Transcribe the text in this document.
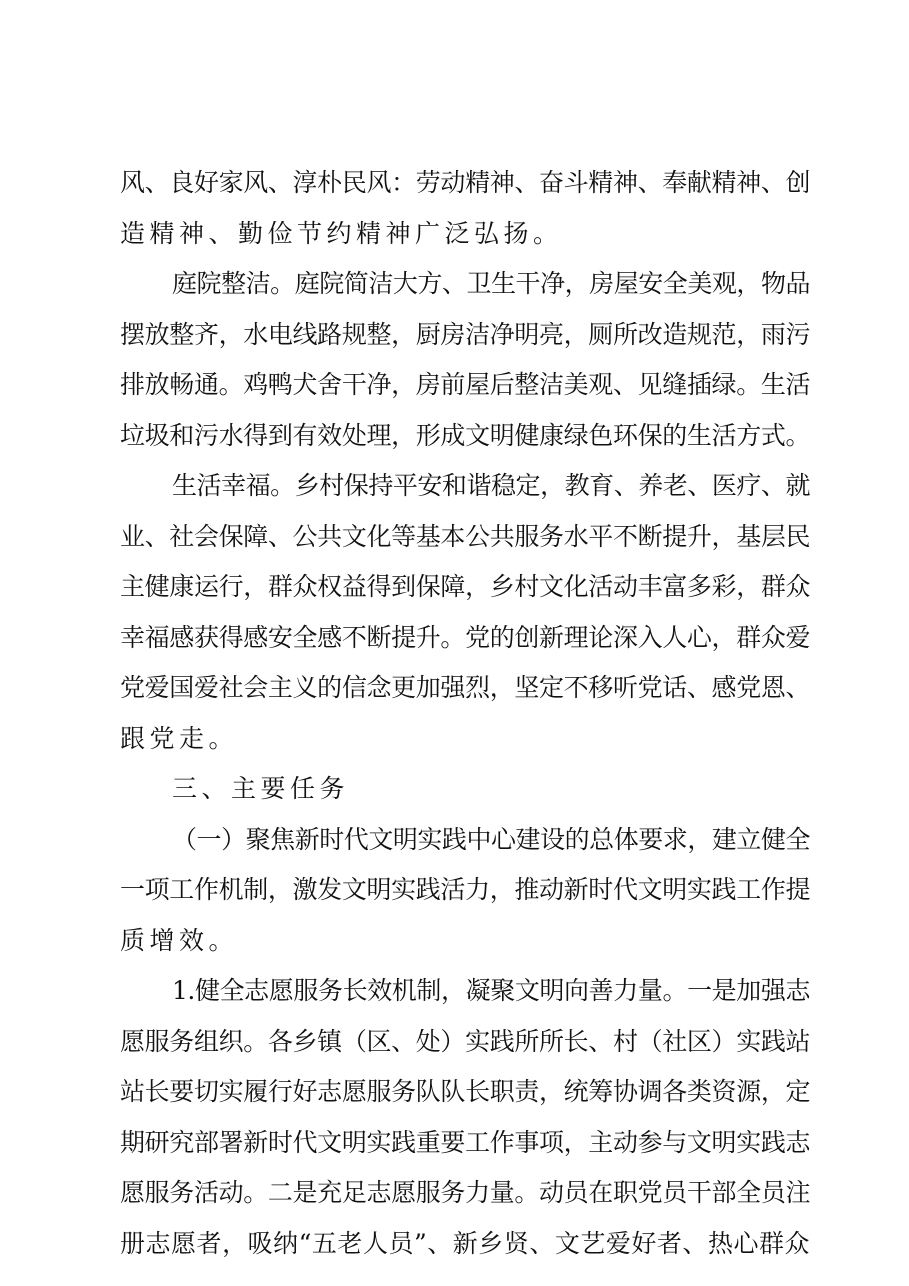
风、良好家风、淳朴民风：劳动精神、奋斗精神、奉献精神、创
造精神、勤俭节约精神广泛弘扬。
庭院整洁。庭院简洁大方、卫生干净，房屋安全美观，物品
摆放整齐，水电线路规整，厨房洁净明亮，厕所改造规范，雨污
排放畅通。鸡鸭犬舍干净，房前屋后整洁美观、见缝插绿。生活
垃圾和污水得到有效处理，形成文明健康绿色环保的生活方式。
生活幸福。乡村保持平安和谐稳定，教育、养老、医疗、就
业、社会保障、公共文化等基本公共服务水平不断提升，基层民
主健康运行，群众权益得到保障，乡村文化活动丰富多彩，群众
幸福感获得感安全感不断提升。党的创新理论深入人心，群众爱
党爱国爱社会主义的信念更加强烈，坚定不移听党话、感党恩、
跟党走。
三、主要任务
（一）聚焦新时代文明实践中心建设的总体要求，建立健全
一项工作机制，激发文明实践活力，推动新时代文明实践工作提
质增效。
1.健全志愿服务长效机制，凝聚文明向善力量。一是加强志
愿服务组织。各乡镇（区、处）实践所所长、村（社区）实践站
站长要切实履行好志愿服务队队长职责，统筹协调各类资源，定
期研究部署新时代文明实践重要工作事项，主动参与文明实践志
愿服务活动。二是充足志愿服务力量。动员在职党员干部全员注
册志愿者，吸纳“五老人员”、新乡贤、文艺爱好者、热心群众
